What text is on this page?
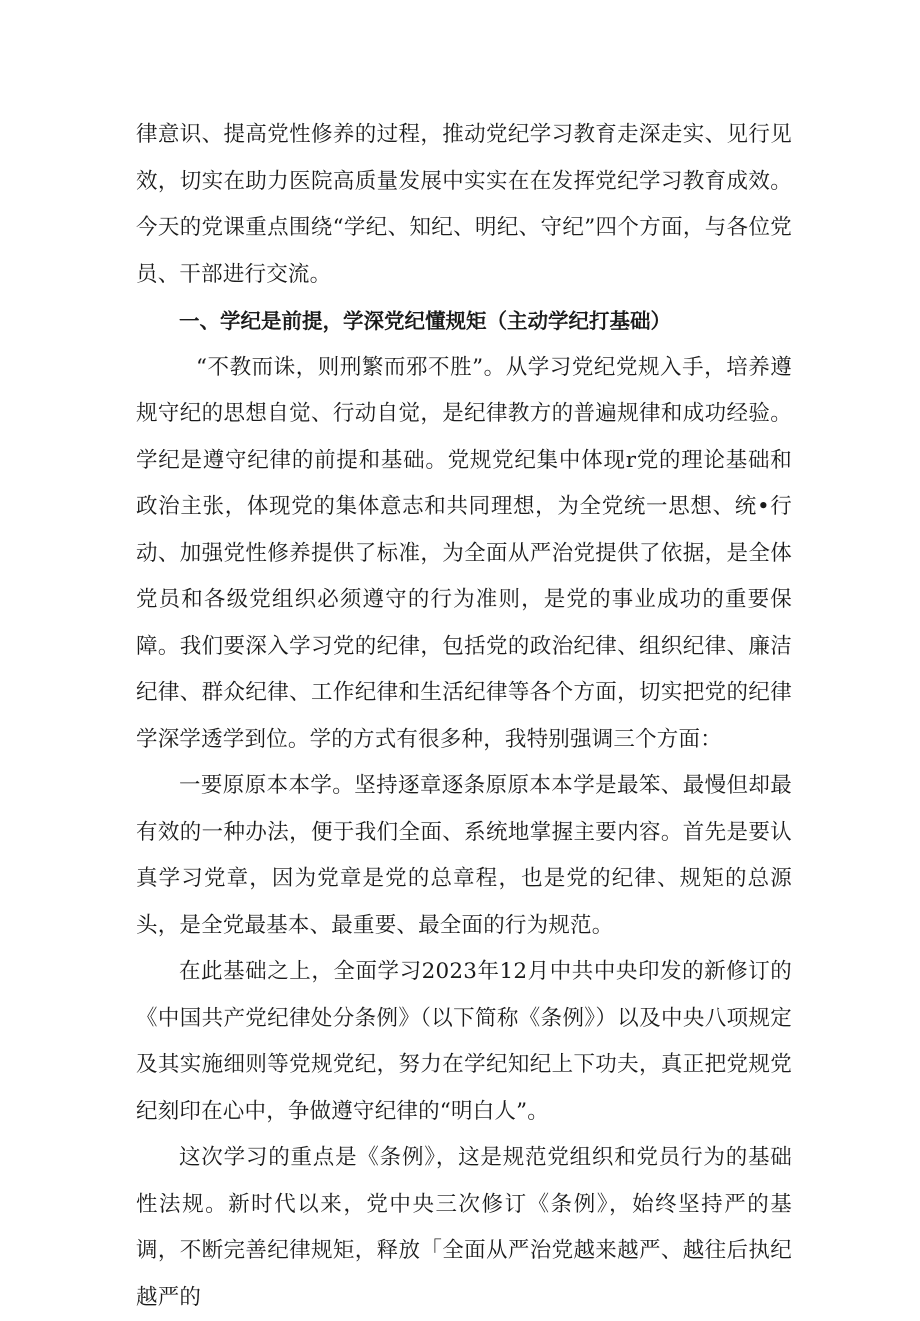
律意识、提高党性修养的过程，推动党纪学习教育走深走实、见行见效，切实在助力医院高质量发展中实实在在发挥党纪学习教育成效。今天的党课重点围绕“学纪、知纪、明纪、守纪”四个方面，与各位党员、干部进行交流。

一、学纪是前提，学深党纪懂规矩（主动学纪打基础）

“不教而诛，则刑繁而邪不胜”。从学习党纪党规入手，培养遵规守纪的思想自觉、行动自觉，是纪律教方的普遍规律和成功经验。学纪是遵守纪律的前提和基础。党规党纪集中体现r党的理论基础和政治主张，体现党的集体意志和共同理想，为全党统一思想、统•行动、加强党性修养提供了标准，为全面从严治党提供了依据，是全体党员和各级党组织必须遵守的行为准则，是党的事业成功的重要保障。我们要深入学习党的纪律，包括党的政治纪律、组织纪律、廉洁纪律、群众纪律、工作纪律和生活纪律等各个方面，切实把党的纪律学深学透学到位。学的方式有很多种，我特别强调三个方面：

一要原原本本学。坚持逐章逐条原原本本学是最笨、最慢但却最有效的一种办法，便于我们全面、系统地掌握主要内容。首先是要认真学习党章，因为党章是党的总章程，也是党的纪律、规矩的总源头，是全党最基本、最重要、最全面的行为规范。

在此基础之上，全面学习2023年12月中共中央印发的新修订的《中国共产党纪律处分条例》（以下简称《条例》）以及中央八项规定及其实施细则等党规党纪，努力在学纪知纪上下功夫，真正把党规党纪刻印在心中，争做遵守纪律的“明白人”。

这次学习的重点是《条例》，这是规范党组织和党员行为的基础性法规。新时代以来，党中央三次修订《条例》，始终坚持严的基调，不断完善纪律规矩，释放「全面从严治党越来越严、越往后执纪越严的
